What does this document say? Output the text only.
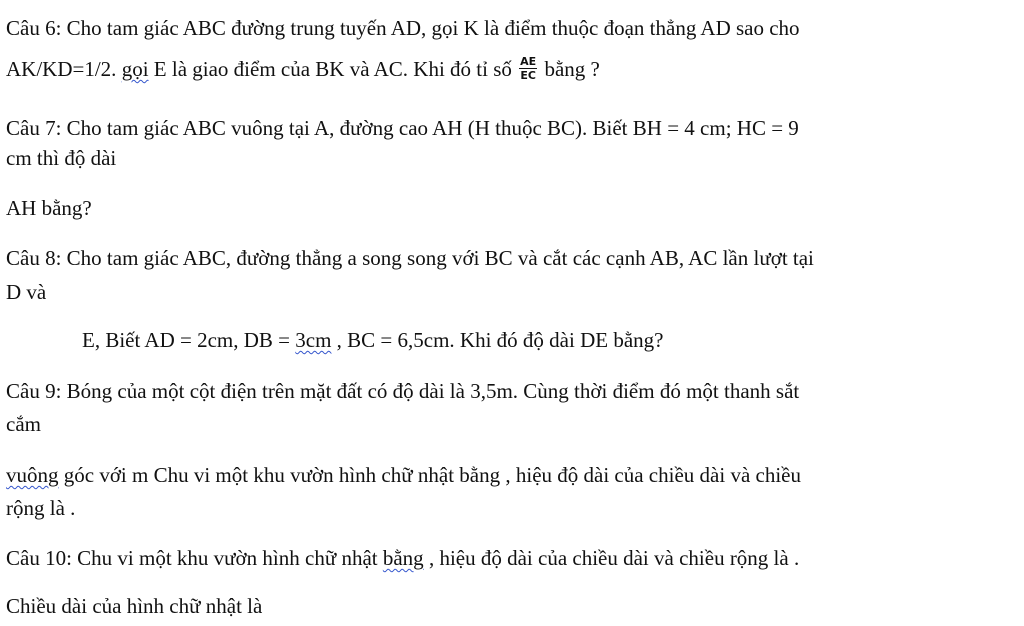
Câu 6: Cho tam giác ABC đường trung tuyến AD, gọi K là điểm thuộc đoạn thẳng AD sao cho
AK/KD=1/2. gọi E là giao điểm của BK và AC. Khi đó tỉ số $\frac{AE}{EC}$ bằng ?
Câu 7: Cho tam giác ABC vuông tại A, đường cao AH (H thuộc BC). Biết BH = 4 cm; HC = 9
cm thì độ dài
AH bằng?
Câu 8: Cho tam giác ABC, đường thẳng a song song với BC và cắt các cạnh AB, AC lần lượt tại
D và
E, Biết AD = 2cm, DB = 3cm , BC = 6,5cm. Khi đó độ dài DE bằng?
Câu 9: Bóng của một cột điện trên mặt đất có độ dài là 3,5m. Cùng thời điểm đó một thanh sắt
cắm
vuông góc với m Chu vi một khu vườn hình chữ nhật bằng , hiệu độ dài của chiều dài và chiều
rộng là .
Câu 10: Chu vi một khu vườn hình chữ nhật bằng , hiệu độ dài của chiều dài và chiều rộng là .
Chiều dài của hình chữ nhật là
